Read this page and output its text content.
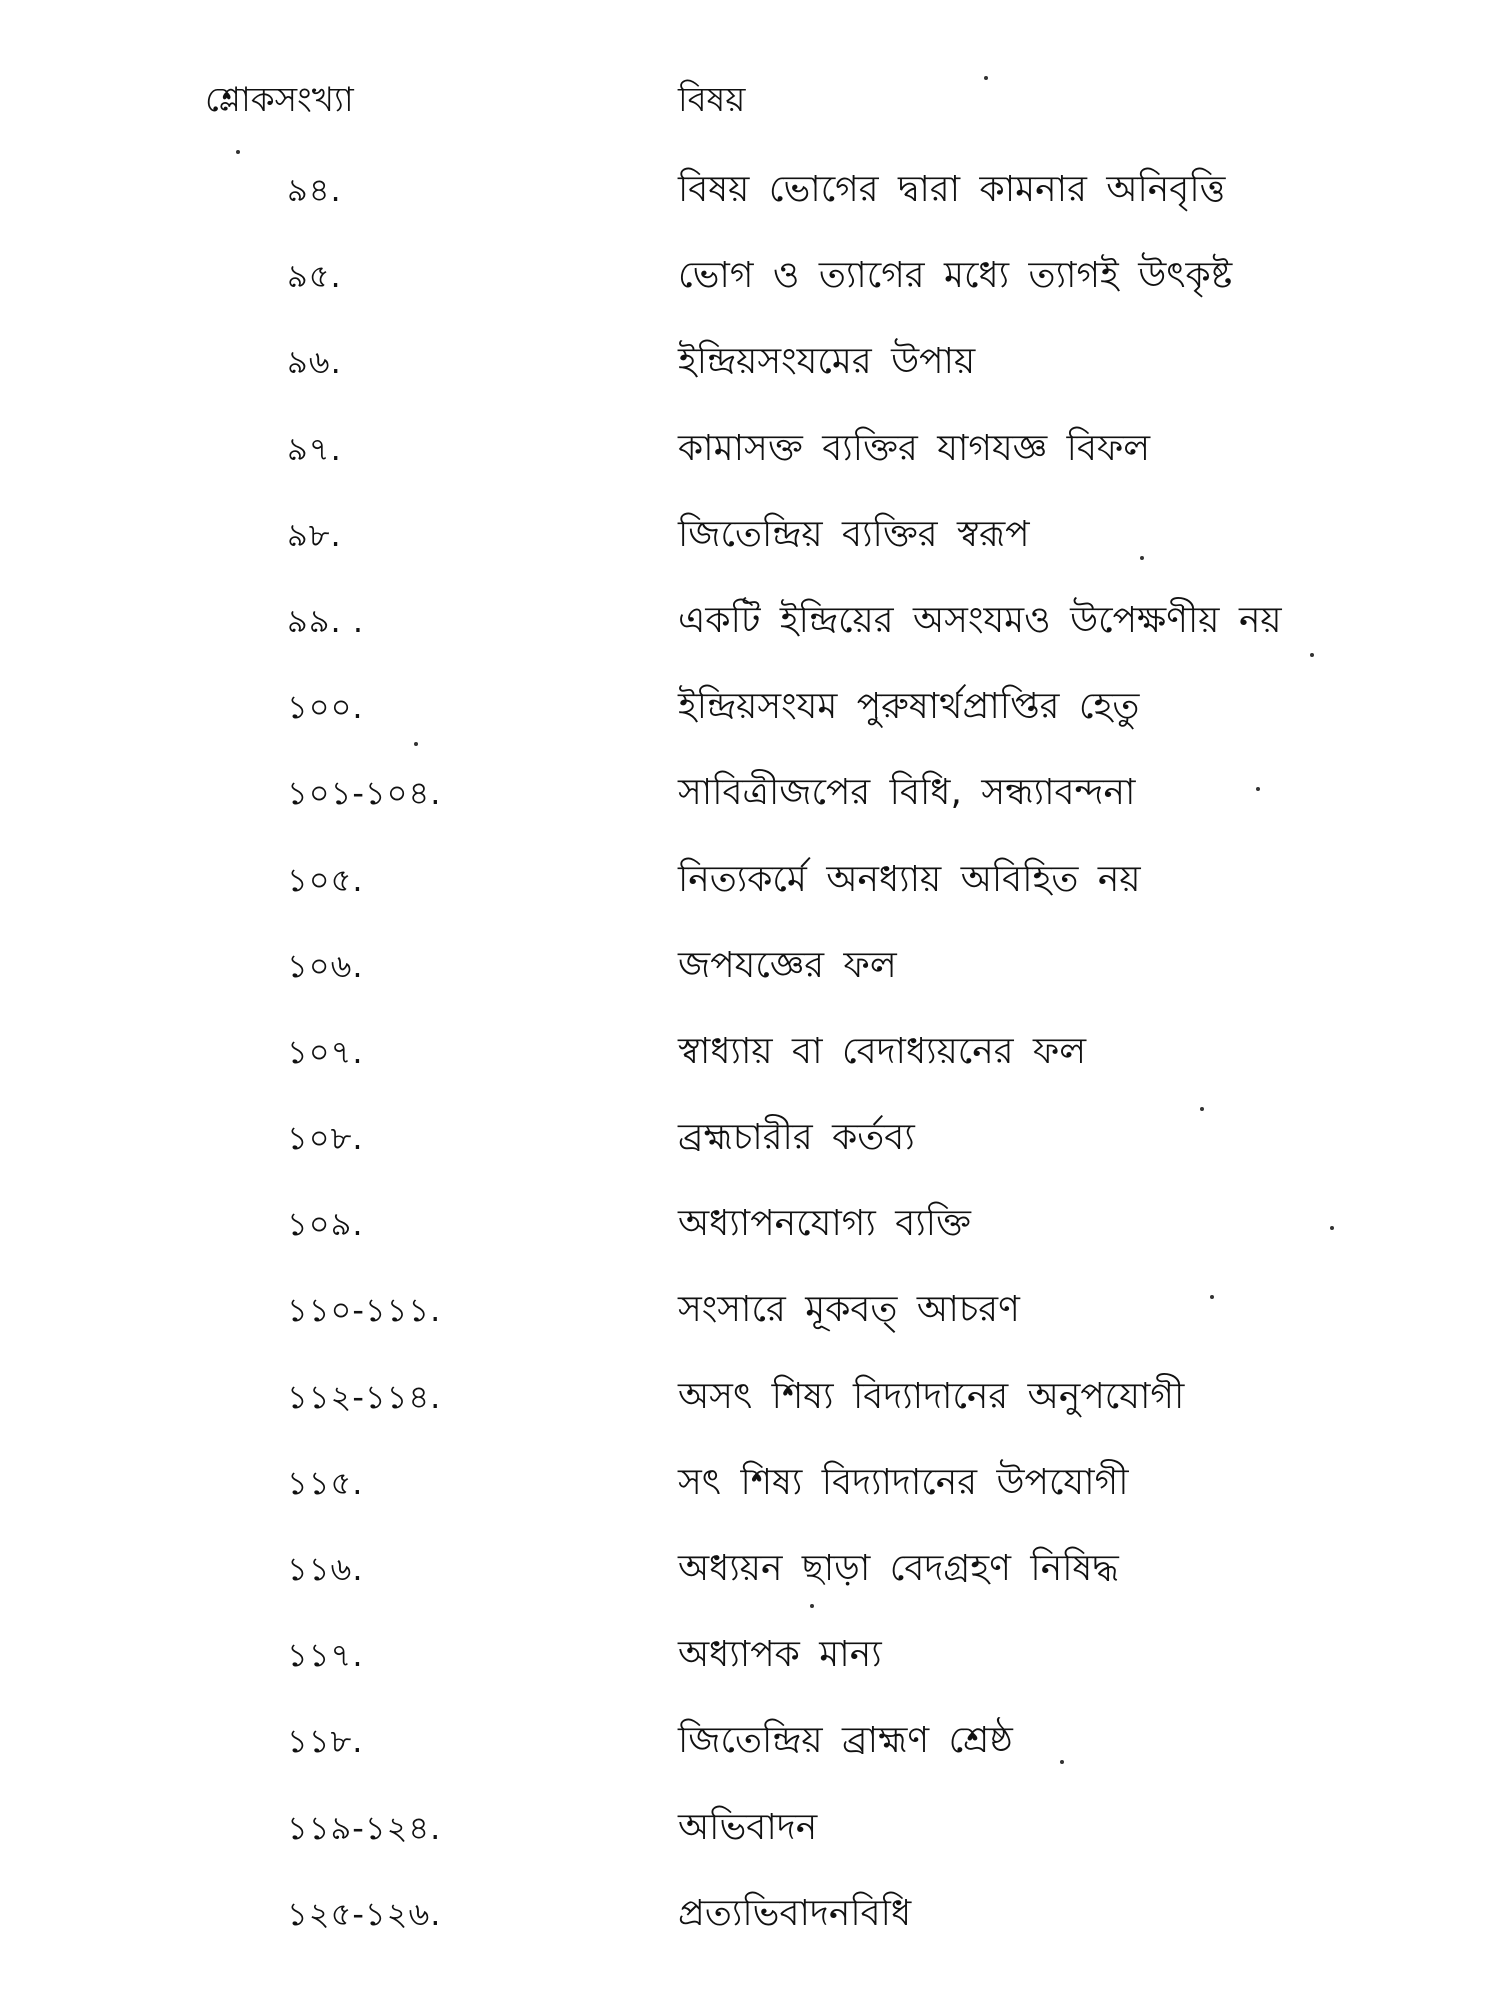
শ্লোকসংখ্যা	বিষয়
৯৪.	বিষয় ভোগের দ্বারা কামনার অনিবৃত্তি
৯৫.	ভোগ ও ত্যাগের মধ্যে ত্যাগই উৎকৃষ্ট
৯৬.	ইন্দ্রিয়সংযমের উপায়
৯৭.	কামাসক্ত ব্যক্তির যাগযজ্ঞ বিফল
৯৮.	জিতেন্দ্রিয় ব্যক্তির স্বরূপ
৯৯. .	একটি ইন্দ্রিয়ের অসংযমও উপেক্ষণীয় নয়
১০০.	ইন্দ্রিয়সংযম পুরুষার্থপ্রাপ্তির হেতু
১০১-১০৪.	সাবিত্রীজপের বিধি, সন্ধ্যাবন্দনা
১০৫.	নিত্যকর্মে অনধ্যায় অবিহিত নয়
১০৬.	জপযজ্ঞের ফল
১০৭.	স্বাধ্যায় বা বেদাধ্যয়নের ফল
১০৮.	ব্রহ্মচারীর কর্তব্য
১০৯.	অধ্যাপনযোগ্য ব্যক্তি
১১০-১১১.	সংসারে মূকবত্ আচরণ
১১২-১১৪.	অসৎ শিষ্য বিদ্যাদানের অনুপযোগী
১১৫.	সৎ শিষ্য বিদ্যাদানের উপযোগী
১১৬.	অধ্যয়ন ছাড়া বেদগ্রহণ নিষিদ্ধ
১১৭.	অধ্যাপক মান্য
১১৮.	জিতেন্দ্রিয় ব্রাহ্মণ শ্রেষ্ঠ
১১৯-১২৪.	অভিবাদন
১২৫-১২৬.	প্রত্যভিবাদনবিধি
